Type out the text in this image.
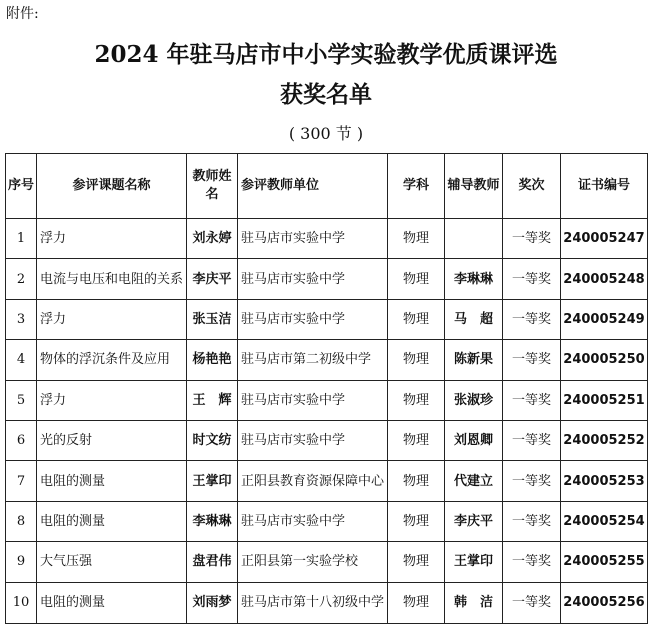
附件:
2024 年驻马店市中小学实验教学优质课评选
获奖名单
( 300 节 )
序号	参评课题名称	教师姓名	参评教师单位	学科	辅导教师	奖次	证书编号
1	浮力	刘永婷	驻马店市实验中学	物理		一等奖	240005247
2	电流与电压和电阻的关系	李庆平	驻马店市实验中学	物理	李琳琳	一等奖	240005248
3	浮力	张玉洁	驻马店市实验中学	物理	马　超	一等奖	240005249
4	物体的浮沉条件及应用	杨艳艳	驻马店市第二初级中学	物理	陈新果	一等奖	240005250
5	浮力	王　辉	驻马店市实验中学	物理	张淑珍	一等奖	240005251
6	光的反射	时文纺	驻马店市实验中学	物理	刘恩卿	一等奖	240005252
7	电阻的测量	王掌印	正阳县教育资源保障中心	物理	代建立	一等奖	240005253
8	电阻的测量	李琳琳	驻马店市实验中学	物理	李庆平	一等奖	240005254
9	大气压强	盘君伟	正阳县第一实验学校	物理	王掌印	一等奖	240005255
10	电阻的测量	刘雨梦	驻马店市第十八初级中学	物理	韩　洁	一等奖	240005256
